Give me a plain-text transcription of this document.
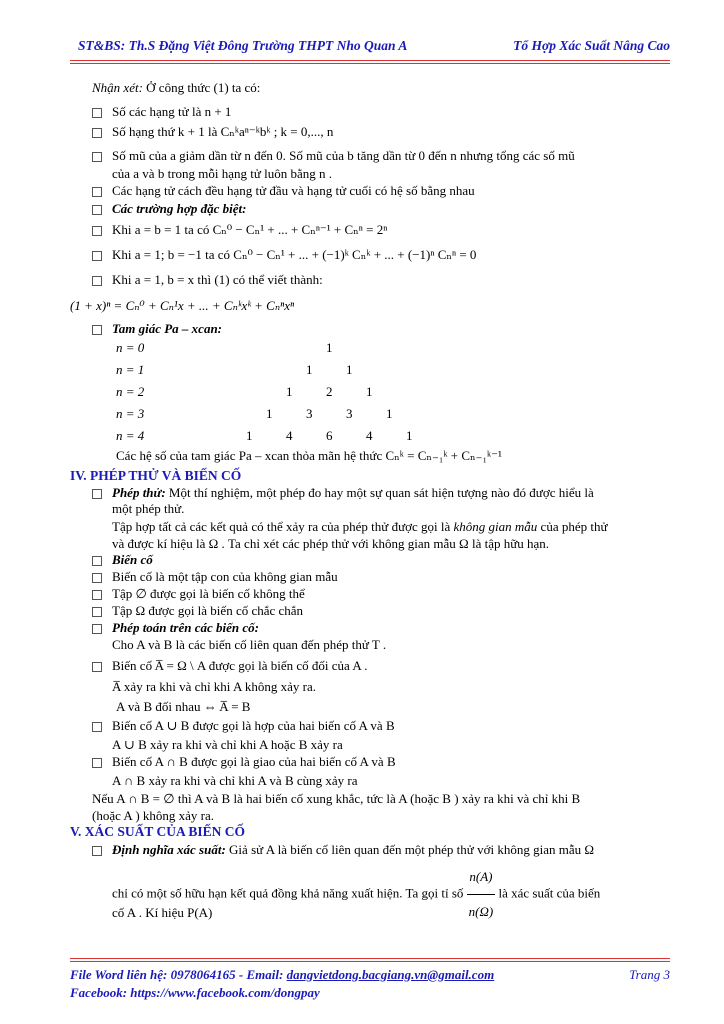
ST&BS: Th.S Đặng Việt Đông Trường THPT Nho Quan A	Tổ Hợp Xác Suất Nâng Cao
Nhận xét: Ở công thức (1) ta có:
Số các hạng tử là n + 1
Số hạng thứ k + 1 là Cₙᵏaⁿ⁻ᵏbᵏ ; k = 0,..., n
Số mũ của a giảm dần từ n đến 0. Số mũ của b tăng dần từ 0 đến n nhưng tổng các số mũ
của a và b trong mỗi hạng tử luôn bằng n .
Các hạng tử cách đều hạng tử đầu và hạng tử cuối có hệ số bằng nhau
Các trường hợp đặc biệt:
Khi a = b = 1 ta có Cₙ⁰ − Cₙ¹ + ... + Cₙⁿ⁻¹ + Cₙⁿ = 2ⁿ
Khi a = 1; b = −1 ta có Cₙ⁰ − Cₙ¹ + ... + (−1)ᵏ Cₙᵏ + ... + (−1)ⁿ Cₙⁿ = 0
Khi a = 1, b = x thì (1) có thể viết thành:
(1 + x)ⁿ = Cₙ⁰ + Cₙ¹x + ... + Cₙᵏxᵏ + Cₙⁿxⁿ
Tam giác Pa – xcan:
n = 0	1
n = 1	1	1
n = 2	1	2	1
n = 3	1	3	3	1
n = 4	1	4	6	4	1
Các hệ số của tam giác Pa – xcan thỏa mãn hệ thức Cₙᵏ = Cₙ₋₁ᵏ + Cₙ₋₁ᵏ⁻¹
IV. PHÉP THỬ VÀ BIẾN CỐ
Phép thử: Một thí nghiệm, một phép đo hay một sự quan sát hiện tượng nào đó được hiểu là
một phép thử.
Tập hợp tất cả các kết quả có thể xảy ra của phép thử được gọi là không gian mẫu của phép thử
và được kí hiệu là Ω . Ta chỉ xét các phép thử với không gian mẫu Ω là tập hữu hạn.
Biến cố
Biến cố là một tập con của không gian mẫu
Tập ∅ được gọi là biến cố không thể
Tập Ω được gọi là biến cố chắc chắn
Phép toán trên các biến cố:
Cho A và B là các biến cố liên quan đến phép thử T .
Biến cố A̅ = Ω \ A được gọi là biến cố đối của A .
A̅ xảy ra khi và chỉ khi A không xảy ra.
A và B đối nhau ⇔ A̅ = B
Biến cố A ∪ B được gọi là hợp của hai biến cố A và B
A ∪ B xảy ra khi và chỉ khi A hoặc B xảy ra
Biến cố A ∩ B được gọi là giao của hai biến cố A và B
A ∩ B xảy ra khi và chỉ khi A và B cùng xảy ra
Nếu A ∩ B = ∅ thì A và B là hai biến cố xung khắc, tức là A (hoặc B ) xảy ra khi và chỉ khi B
(hoặc A ) không xảy ra.
V. XÁC SUẤT CỦA BIẾN CỐ
Định nghĩa xác suất: Giả sử A là biến cố liên quan đến một phép thử với không gian mẫu Ω
chỉ có một số hữu hạn kết quả đồng khả năng xuất hiện. Ta gọi tỉ số $\frac{n(A)}{n(\Omega)}$ là xác suất của biến
cố A . Kí hiệu P(A)
File Word liên hệ: 0978064165 - Email: dangvietdong.bacgiang.vn@gmail.com	Trang 3
Facebook: https://www.facebook.com/dongpay
